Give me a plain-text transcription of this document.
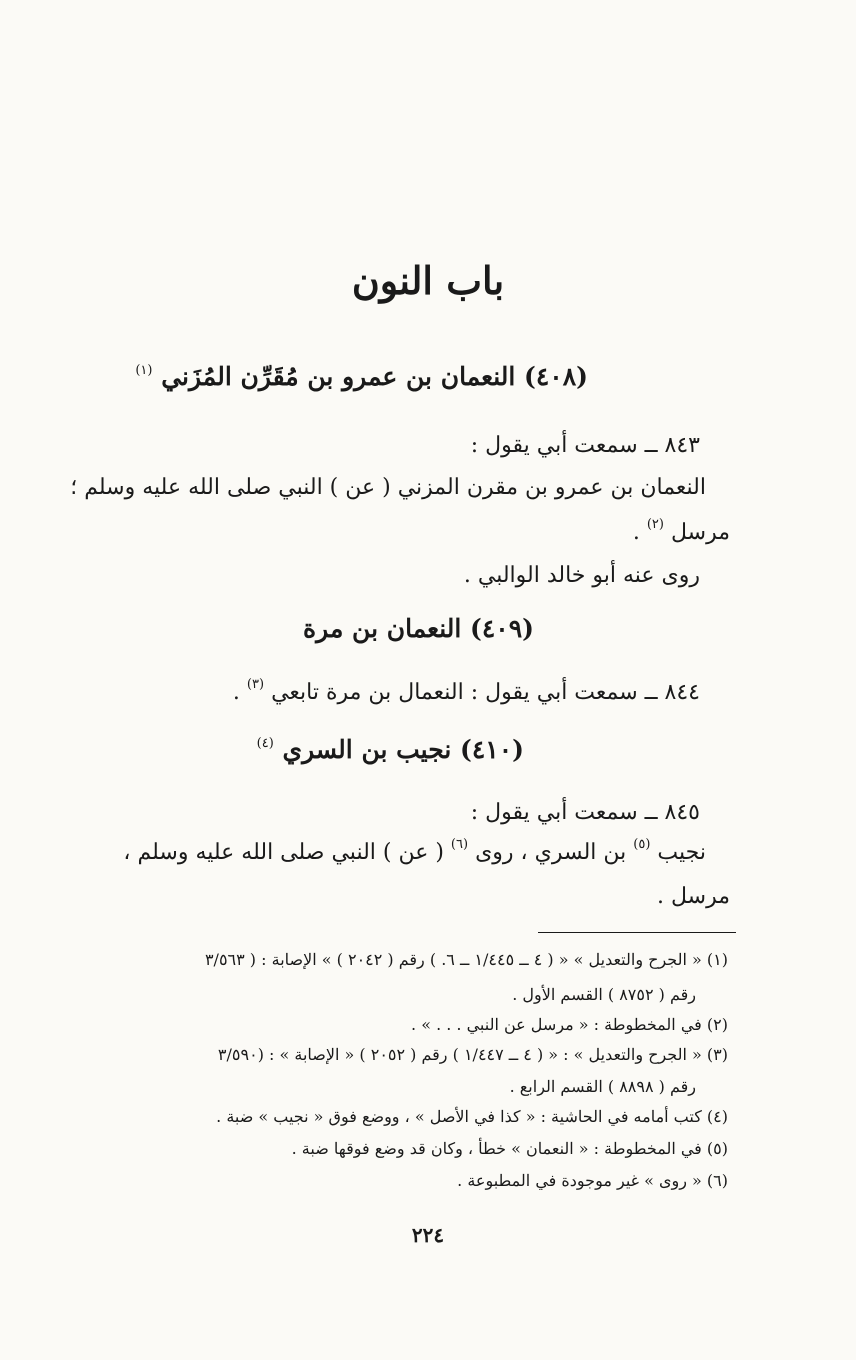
باب النون
(٤٠٨) النعمان بن عمرو بن مُقَرِّن المُزَني $^{(١)}$
٨٤٣ ــ سمعت أبي يقول :
النعمان بن عمرو بن مقرن المزني ( عن ) النبي صلى الله عليه وسلم ؛
مرسل $^{(٢)}$ .
روى عنه أبو خالد الوالبي .
(٤٠٩) النعمان بن مرة
٨٤٤ ــ سمعت أبي يقول : النعمال بن مرة تابعي $^{(٣)}$ .
(٤١٠) نجيب بن السري $^{(٤)}$
٨٤٥ ــ سمعت أبي يقول :
نجيب $^{(٥)}$ بن السري ، روى $^{(٦)}$ ( عن ) النبي صلى الله عليه وسلم ،
مرسل .
(١) « الجرح والتعديل » « ( ٤ ــ ١/٤٤٥ ــ ٦. ) رقم ( ٢٠٤٢ ) » الإصابة : ( ٣/٥٦٣
رقم ( ٨٧٥٢ ) القسم الأول .
(٢) في المخطوطة : « مرسل عن النبي . . . » .
(٣) « الجرح والتعديل » : « ( ٤ ــ ١/٤٤٧ ) رقم ( ٢٠٥٢ ) « الإصابة » : (٣/٥٩٠
رقم ( ٨٨٩٨ ) القسم الرابع .
(٤) كتب أمامه في الحاشية : « كذا في الأصل » ، ووضع فوق « نجيب » ضبة .
(٥) في المخطوطة : « النعمان » خطأ ، وكان قد وضع فوقها ضبة .
(٦) « روى » غير موجودة في المطبوعة .
٢٢٤
